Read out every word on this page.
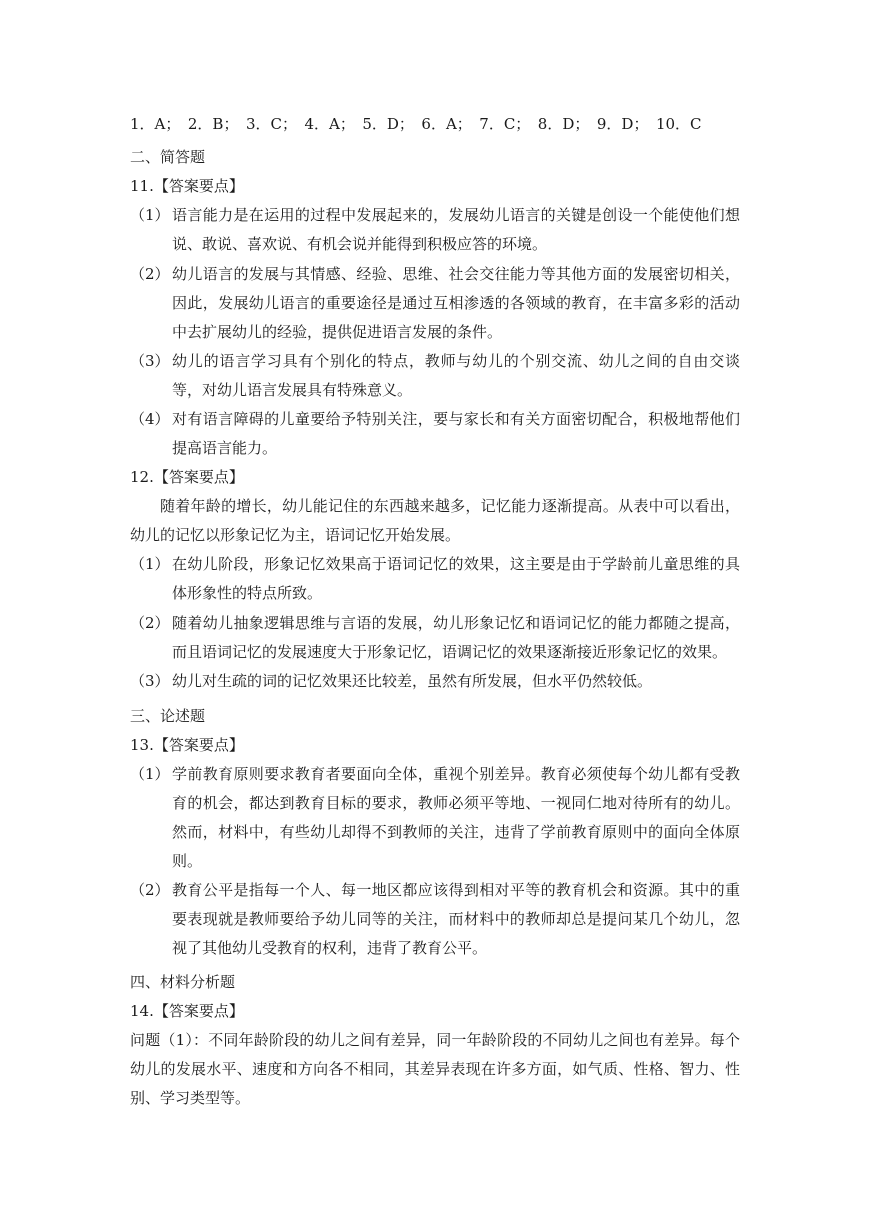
1．A；　2．B；　3．C；　4．A；　5．D；　6．A；　7．C；　8．D；　9．D；　10．C
二、简答题
11.【答案要点】
（1） 语言能力是在运用的过程中发展起来的，发展幼儿语言的关键是创设一个能使他们想说、敢说、喜欢说、有机会说并能得到积极应答的环境。
（2） 幼儿语言的发展与其情感、经验、思维、社会交往能力等其他方面的发展密切相关，因此，发展幼儿语言的重要途径是通过互相渗透的各领域的教育，在丰富多彩的活动中去扩展幼儿的经验，提供促进语言发展的条件。
（3） 幼儿的语言学习具有个别化的特点，教师与幼儿的个别交流、幼儿之间的自由交谈等，对幼儿语言发展具有特殊意义。
（4） 对有语言障碍的儿童要给予特别关注，要与家长和有关方面密切配合，积极地帮他们提高语言能力。
12.【答案要点】
随着年龄的增长，幼儿能记住的东西越来越多，记忆能力逐渐提高。从表中可以看出，幼儿的记忆以形象记忆为主，语词记忆开始发展。
（1） 在幼儿阶段，形象记忆效果高于语词记忆的效果，这主要是由于学龄前儿童思维的具体形象性的特点所致。
（2） 随着幼儿抽象逻辑思维与言语的发展，幼儿形象记忆和语词记忆的能力都随之提高，而且语词记忆的发展速度大于形象记忆，语调记忆的效果逐渐接近形象记忆的效果。
（3） 幼儿对生疏的词的记忆效果还比较差，虽然有所发展，但水平仍然较低。
三、论述题
13.【答案要点】
（1） 学前教育原则要求教育者要面向全体，重视个别差异。教育必须使每个幼儿都有受教育的机会，都达到教育目标的要求，教师必须平等地、一视同仁地对待所有的幼儿。然而，材料中，有些幼儿却得不到教师的关注，违背了学前教育原则中的面向全体原则。
（2） 教育公平是指每一个人、每一地区都应该得到相对平等的教育机会和资源。其中的重要表现就是教师要给予幼儿同等的关注，而材料中的教师却总是提问某几个幼儿，忽视了其他幼儿受教育的权利，违背了教育公平。
四、材料分析题
14.【答案要点】
问题（1）：不同年龄阶段的幼儿之间有差异，同一年龄阶段的不同幼儿之间也有差异。每个幼儿的发展水平、速度和方向各不相同，其差异表现在许多方面，如气质、性格、智力、性别、学习类型等。
